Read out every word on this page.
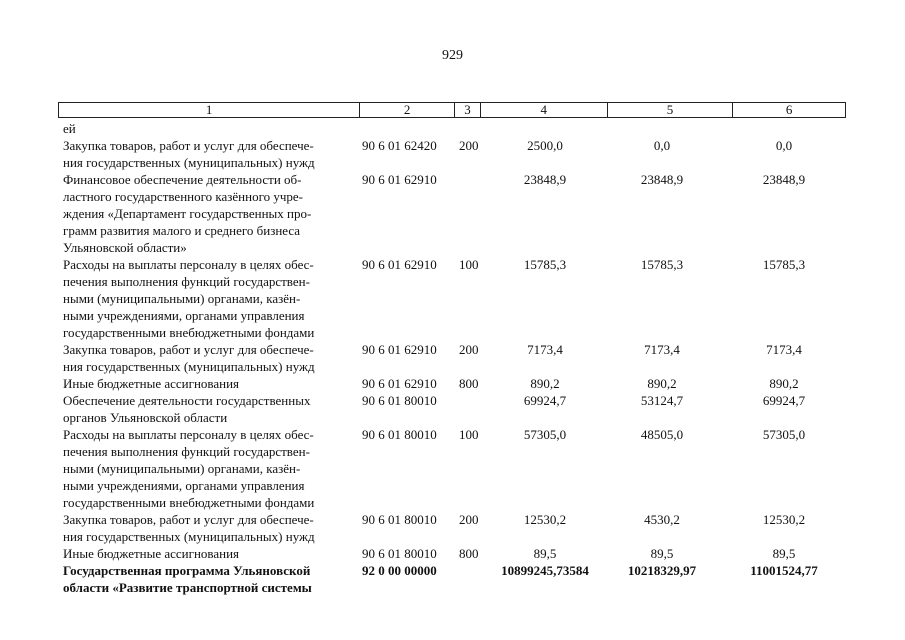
929
1	2	3	4	5	6
ей
Закупка товаров, работ и услуг для обеспече-
ния государственных (муниципальных) нужд
90 6 01 62420 200	2500,0	0,0	0,0
Финансовое обеспечение деятельности об-
ластного государственного казённого учре-
ждения «Департамент государственных про-
грамм развития малого и среднего бизнеса
Ульяновской области»
90 6 01 62910	23848,9	23848,9	23848,9
Расходы на выплаты персоналу в целях обес-
печения выполнения функций государствен-
ными (муниципальными) органами, казён-
ными учреждениями, органами управления
государственными внебюджетными фондами
90 6 01 62910 100	15785,3	15785,3	15785,3
Закупка товаров, работ и услуг для обеспече-
ния государственных (муниципальных) нужд
90 6 01 62910 200	7173,4	7173,4	7173,4
Иные бюджетные ассигнования	90 6 01 62910 800	890,2	890,2	890,2
Обеспечение деятельности государственных
органов Ульяновской области
90 6 01 80010	69924,7	53124,7	69924,7
Расходы на выплаты персоналу в целях обес-
печения выполнения функций государствен-
ными (муниципальными) органами, казён-
ными учреждениями, органами управления
государственными внебюджетными фондами
90 6 01 80010 100	57305,0	48505,0	57305,0
Закупка товаров, работ и услуг для обеспече-
ния государственных (муниципальных) нужд
90 6 01 80010 200	12530,2	4530,2	12530,2
Иные бюджетные ассигнования	90 6 01 80010 800	89,5	89,5	89,5
Государственная программа Ульяновской
области «Развитие транспортной системы
92 0 00 00000	10899245,73584	10218329,97	11001524,77
